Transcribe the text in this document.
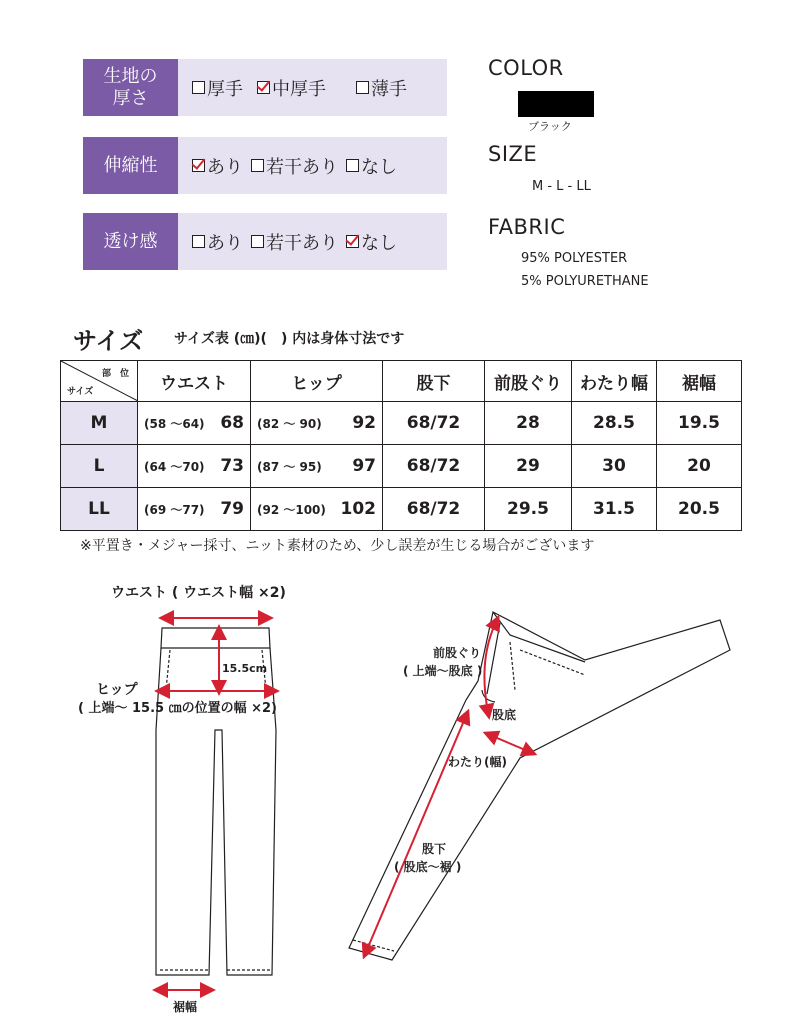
生地の
厚さ	厚手 中厚手	薄手
伸縮性	あり 若干あり なし
透け感	あり 若干あり なし
COLOR
ブラック
SIZE
M - L - LL
FABRIC
95% POLYESTER
5% POLYURETHANE
サイズ サイズ表 (㎝)(　) 内は身体寸法です
部　位
サイズ	ウエスト	ヒップ	股下	前股ぐり	わたり幅	裾幅
M	(58 ～64) 68	(82 ～ 90) 92	68/72	28	28.5	19.5
L	(64 ～70) 73	(87 ～ 95) 97	68/72	29	30	20
LL	(69 ～77) 79	(92 ～100) 102	68/72	29.5	31.5	20.5
※平置き・メジャー採寸、ニット素材のため、少し誤差が生じる場合がございます
ウエスト ( ウエスト幅 ×2)
15.5cm
ヒップ
( 上端～ 15.5 ㎝の位置の幅 ×2)
裾幅
前股ぐり
( 上端～股底 )
股底
わたり(幅)
股下
( 股底～裾 )
